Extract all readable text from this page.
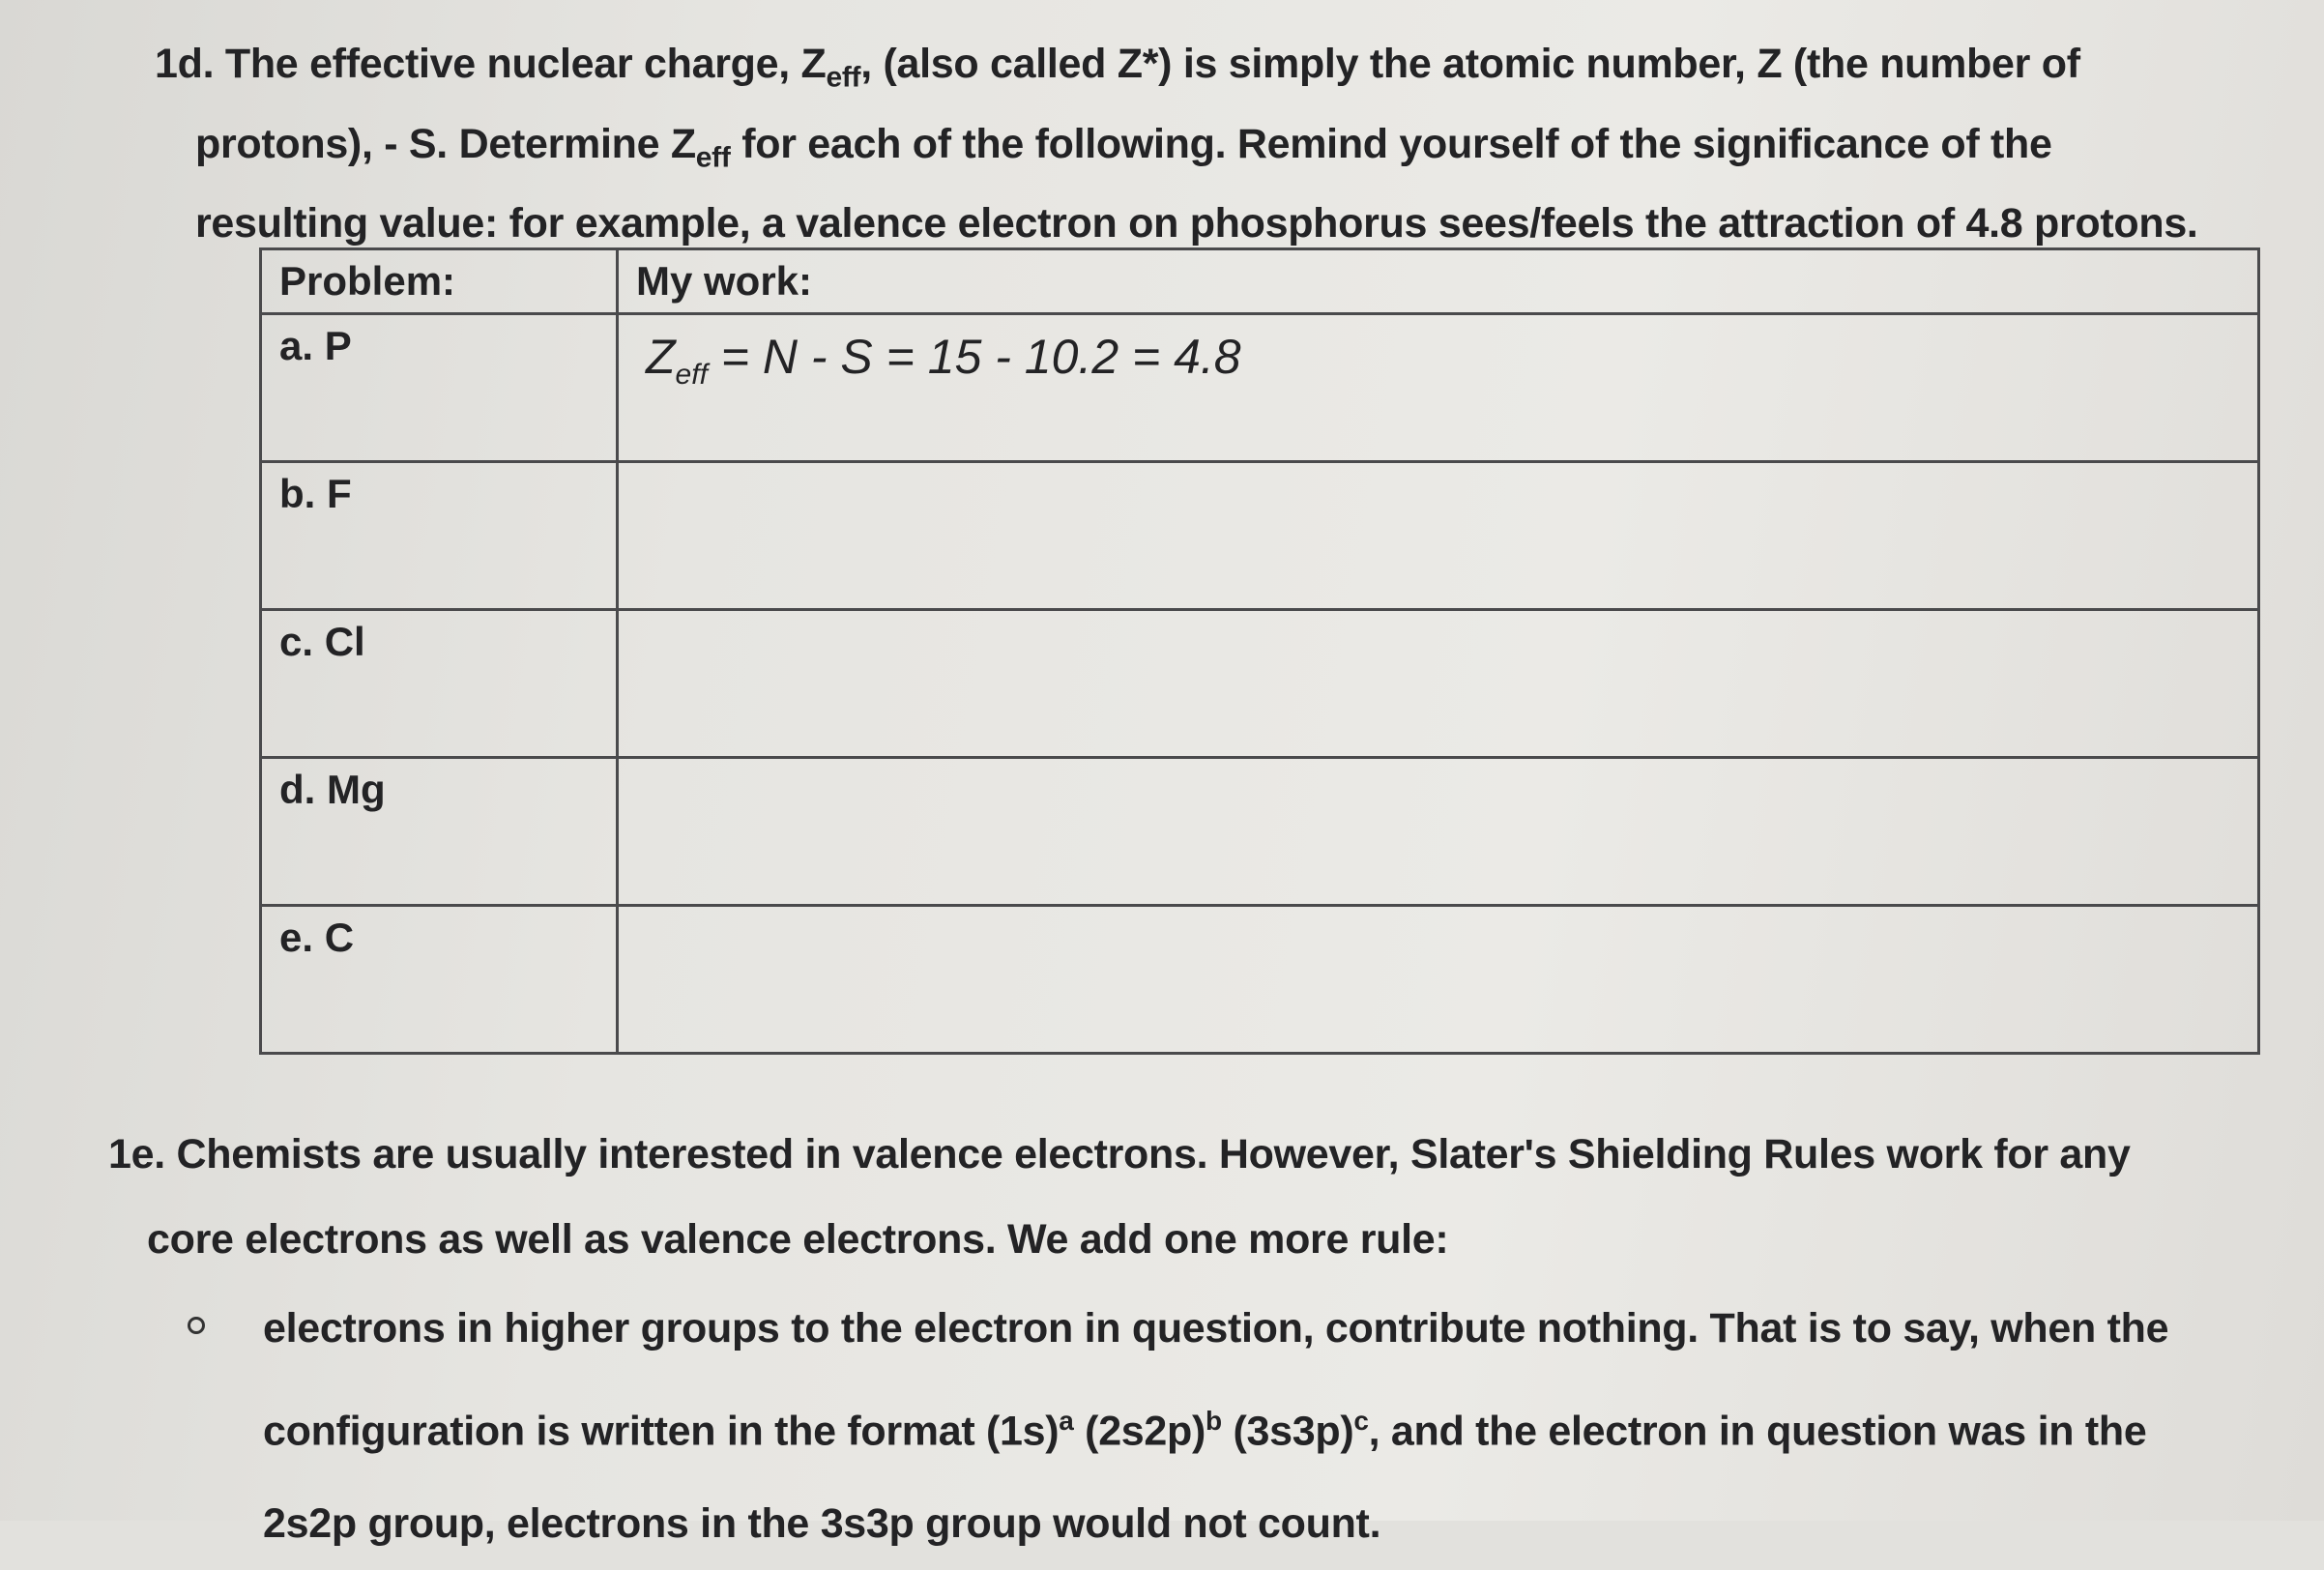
1d. The effective nuclear charge, $Z_{eff}$, (also called Z*) is simply the atomic number, Z (the number of
protons), - S. Determine $Z_{eff}$ for each of the following. Remind yourself of the significance of the
resulting value: for example, a valence electron on phosphorus sees/feels the attraction of 4.8 protons.
Problem:	My work:
a. P	$Z_{eff} = N - S = 15 - 10.2 = 4.8$

b. F	
c. Cl	
d. Mg	
e. C	
1e. Chemists are usually interested in valence electrons. However, Slater's Shielding Rules work for any
core electrons as well as valence electrons. We add one more rule:
electrons in higher groups to the electron in question, contribute nothing. That is to say, when the
configuration is written in the format $(1s)^a$ $(2s2p)^b$ $(3s3p)^c$, and the electron in question was in the
2s2p group, electrons in the 3s3p group would not count.
